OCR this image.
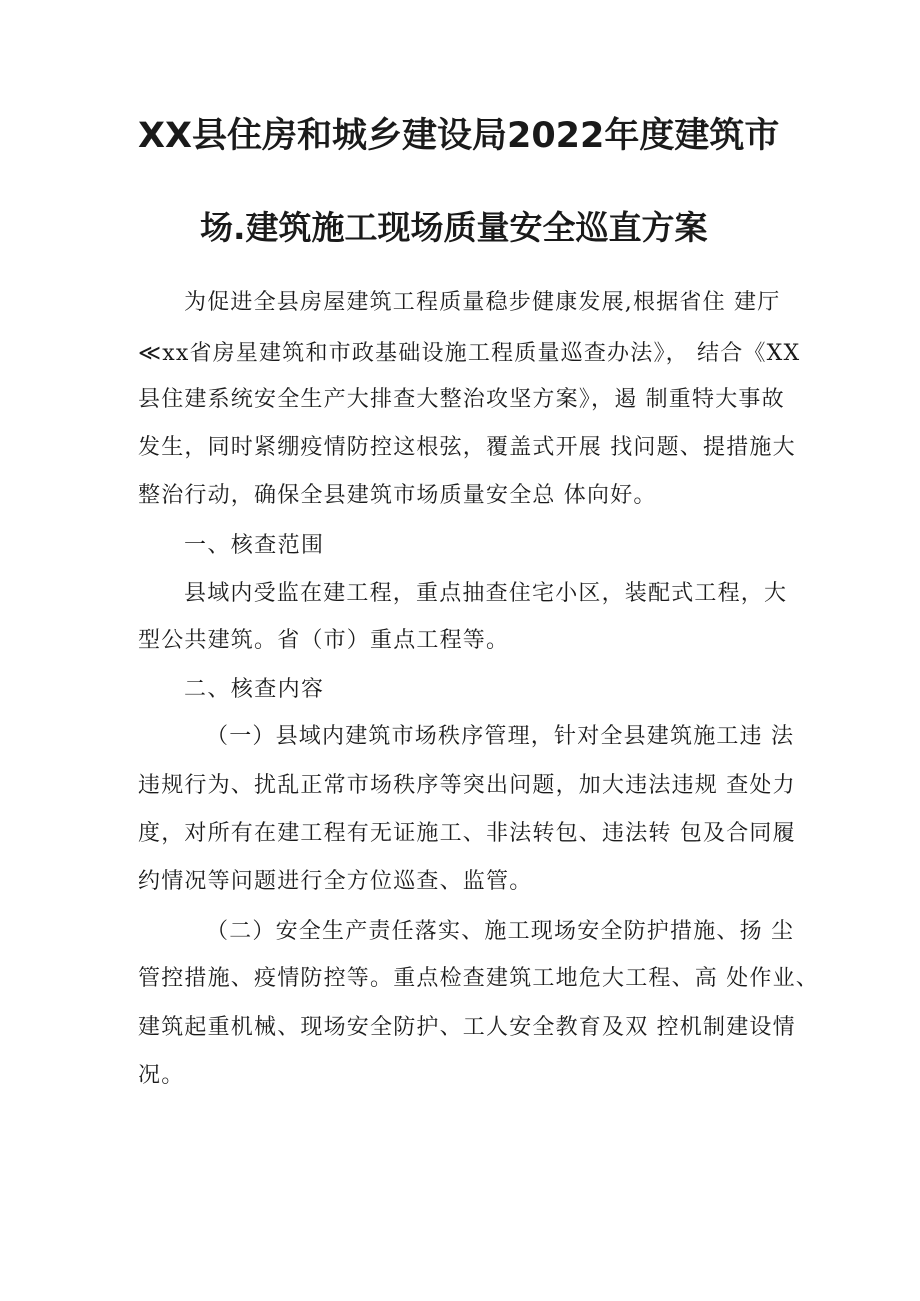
XX县住房和城乡建设局2022年度建筑市
场.建筑施工现场质量安全巡直方案
为促进全县房屋建筑工程质量稳步健康发展,根据省住 建厅
≪xx省房星建筑和市政基础设施工程质量巡查办法》， 结合《XX
县住建系统安全生产大排查大整治攻坚方案》，遏 制重特大事故
发生，同时紧绷疫情防控这根弦，覆盖式开展 找问题、提措施大
整治行动，确保全县建筑市场质量安全总 体向好。
一、核查范围
县域内受监在建工程，重点抽查住宅小区，装配式工程，大
型公共建筑。省（市）重点工程等。
二、核查内容
（一）县域内建筑市场秩序管理，针对全县建筑施工违 法
违规行为、扰乱正常市场秩序等突出问题，加大违法违规 查处力
度，对所有在建工程有无证施工、非法转包、违法转 包及合同履
约情况等问题进行全方位巡查、监管。
（二）安全生产责任落实、施工现场安全防护措施、扬 尘
管控措施、疫情防控等。重点检查建筑工地危大工程、高 处作业、
建筑起重机械、现场安全防护、工人安全教育及双 控机制建设情
况。
